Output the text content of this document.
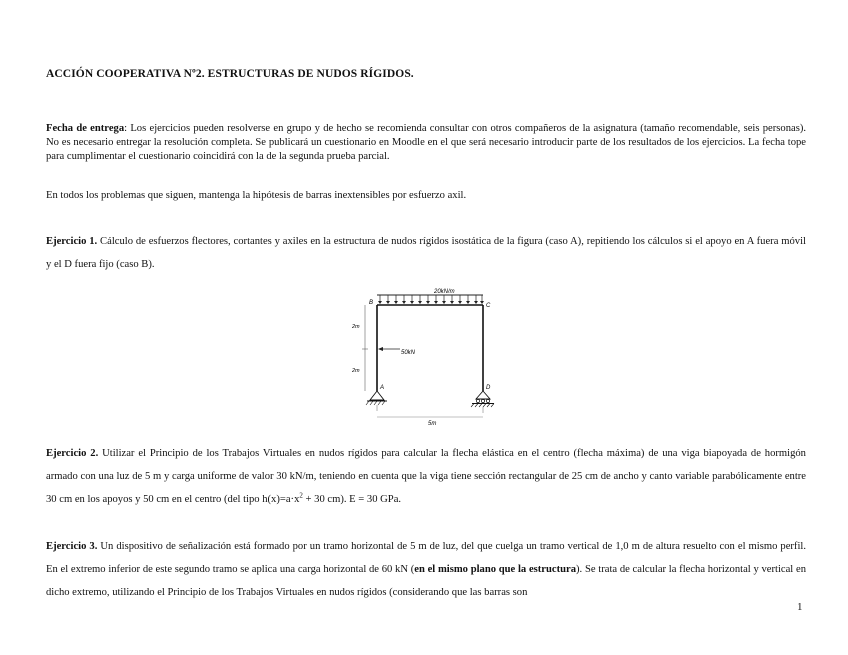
ACCIÓN COOPERATIVA Nº2. ESTRUCTURAS DE NUDOS RÍGIDOS.
Fecha de entrega: Los ejercicios pueden resolverse en grupo y de hecho se recomienda consultar con otros compañeros de la asignatura (tamaño recomendable, seis personas). No es necesario entregar la resolución completa. Se publicará un cuestionario en Moodle en el que será necesario introducir parte de los resultados de los ejercicios. La fecha tope para cumplimentar el cuestionario coincidirá con la de la segunda prueba parcial.
En todos los problemas que siguen, mantenga la hipótesis de barras inextensibles por esfuerzo axil.
Ejercicio 1. Cálculo de esfuerzos flectores, cortantes y axiles en la estructura de nudos rígidos isostática de la figura (caso A), repitiendo los cálculos si el apoyo en A fuera móvil y el D fuera fijo (caso B).
20kN/m
B	C
A	D
50kN
2m
2m
5m
Ejercicio 2. Utilizar el Principio de los Trabajos Virtuales en nudos rígidos para calcular la flecha elástica en el centro (flecha máxima) de una viga biapoyada de hormigón armado con una luz de 5 m y carga uniforme de valor 30 kN/m, teniendo en cuenta que la viga tiene sección rectangular de 25 cm de ancho y canto variable parabólicamente entre 30 cm en los apoyos y 50 cm en el centro (del tipo $h(x)=a\cdot x^2 + 30$ cm). E = 30 GPa.
Ejercicio 3. Un dispositivo de señalización está formado por un tramo horizontal de 5 m de luz, del que cuelga un tramo vertical de 1,0 m de altura resuelto con el mismo perfil. En el extremo inferior de este segundo tramo se aplica una carga horizontal de 60 kN (en el mismo plano que la estructura). Se trata de calcular la flecha horizontal y vertical en dicho extremo, utilizando el Principio de los Trabajos Virtuales en nudos rígidos (considerando que las barras son
1
